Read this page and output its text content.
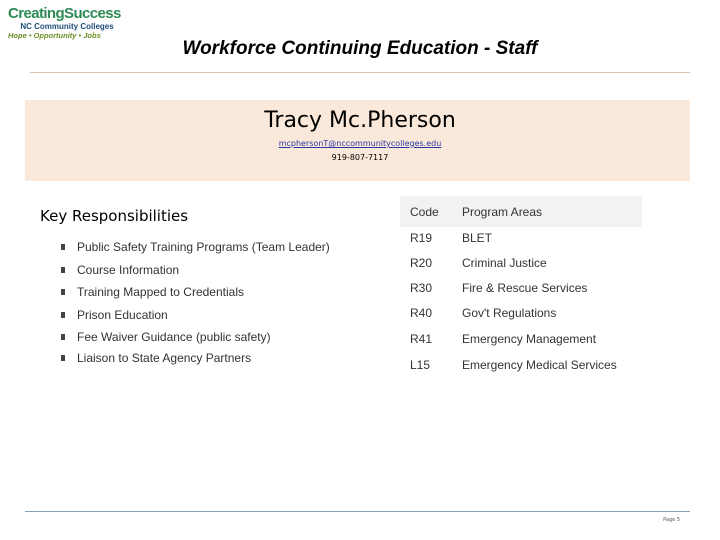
CreatingSuccess
NC Community Colleges
Hope • Opportunity • Jobs
Workforce Continuing Education - Staff
Tracy Mc.Pherson
mcphersonT@nccommunitycolleges.edu
919-807-7117
Key Responsibilities
Public Safety Training Programs (Team Leader)
Course Information
Training Mapped to Credentials
Prison Education
Fee Waiver Guidance (public safety)
Liaison to State Agency Partners
Code Program Areas
R19 BLET
R20 Criminal Justice
R30 Fire & Rescue Services
R40 Gov't Regulations
R41 Emergency Management
L15	Emergency Medical Services
Page 5
